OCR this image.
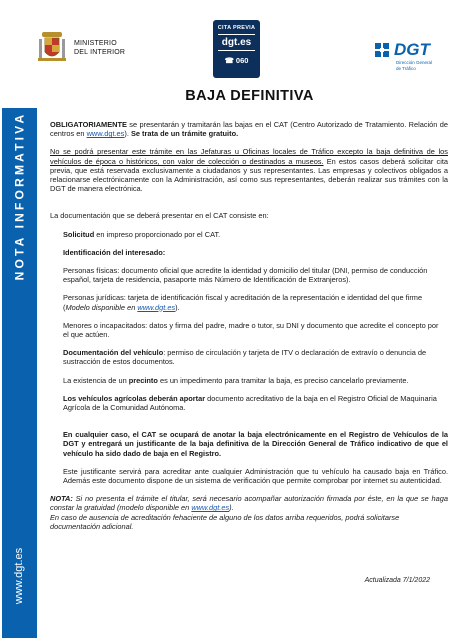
NOTA INFORMATIVA
www.dgt.es
MINISTERIO
DEL INTERIOR
CITA PREVIA
dgt.es
☎ 060
DGT
Dirección General
de Tráfico
BAJA DEFINITIVA

OBLIGATORIAMENTE se presentarán y tramitarán las bajas en el CAT (Centro Autorizado de Tratamiento. Relación de centros en www.dgt.es). Se trata de un trámite gratuito.

No se podrá presentar este trámite en las Jefaturas u Oficinas locales de Tráfico excepto la baja definitiva de los vehículos de época o históricos, con valor de colección o destinados a museos. En estos casos deberá solicitar cita previa, que está reservada exclusivamente a ciudadanos y sus representantes. Las empresas y colectivos obligados a relacionarse electrónicamente con la Administración, así como sus representantes, deberán realizar sus trámites con la DGT de manera electrónica.

La documentación que se deberá presentar en el CAT consiste en:

Solicitud en impreso proporcionado por el CAT.

Identificación del interesado:

Personas físicas: documento oficial que acredite la identidad y domicilio del titular (DNI, permiso de conducción español, tarjeta de residencia, pasaporte más Número de Identificación de Extranjeros).

Personas jurídicas: tarjeta de identificación fiscal y acreditación de la representación e identidad del que firme (Modelo disponible en www.dgt.es).

Menores o incapacitados: datos y firma del padre, madre o tutor, su DNI y documento que acredite el concepto por el que actúen.

Documentación del vehículo: permiso de circulación y tarjeta de ITV o declaración de extravío o denuncia de sustracción de estos documentos.

La existencia de un precinto es un impedimento para tramitar la baja, es preciso cancelarlo previamente.

Los vehículos agrícolas deberán aportar documento acreditativo de la baja en el Registro Oficial de Maquinaria Agrícola de la Comunidad Autónoma.

En cualquier caso, el CAT se ocupará de anotar la baja electrónicamente en el Registro de Vehículos de la DGT y entregará un justificante de la baja definitiva de la Dirección General de Tráfico indicativo de que el vehículo ha sido dado de baja en el Registro.

Este justificante servirá para acreditar ante cualquier Administración que tu vehículo ha causado baja en Tráfico. Además este documento dispone de un sistema de verificación que permite comprobar por internet su autenticidad.

NOTA: Si no presenta el trámite el titular, será necesario acompañar autorización firmada por éste, en la que se haga constar la gratuidad (modelo disponible en www.dgt.es).

En caso de ausencia de acreditación fehaciente de alguno de los datos arriba requeridos, podrá solicitarse documentación adicional.

Actualizada 7/1/2022
